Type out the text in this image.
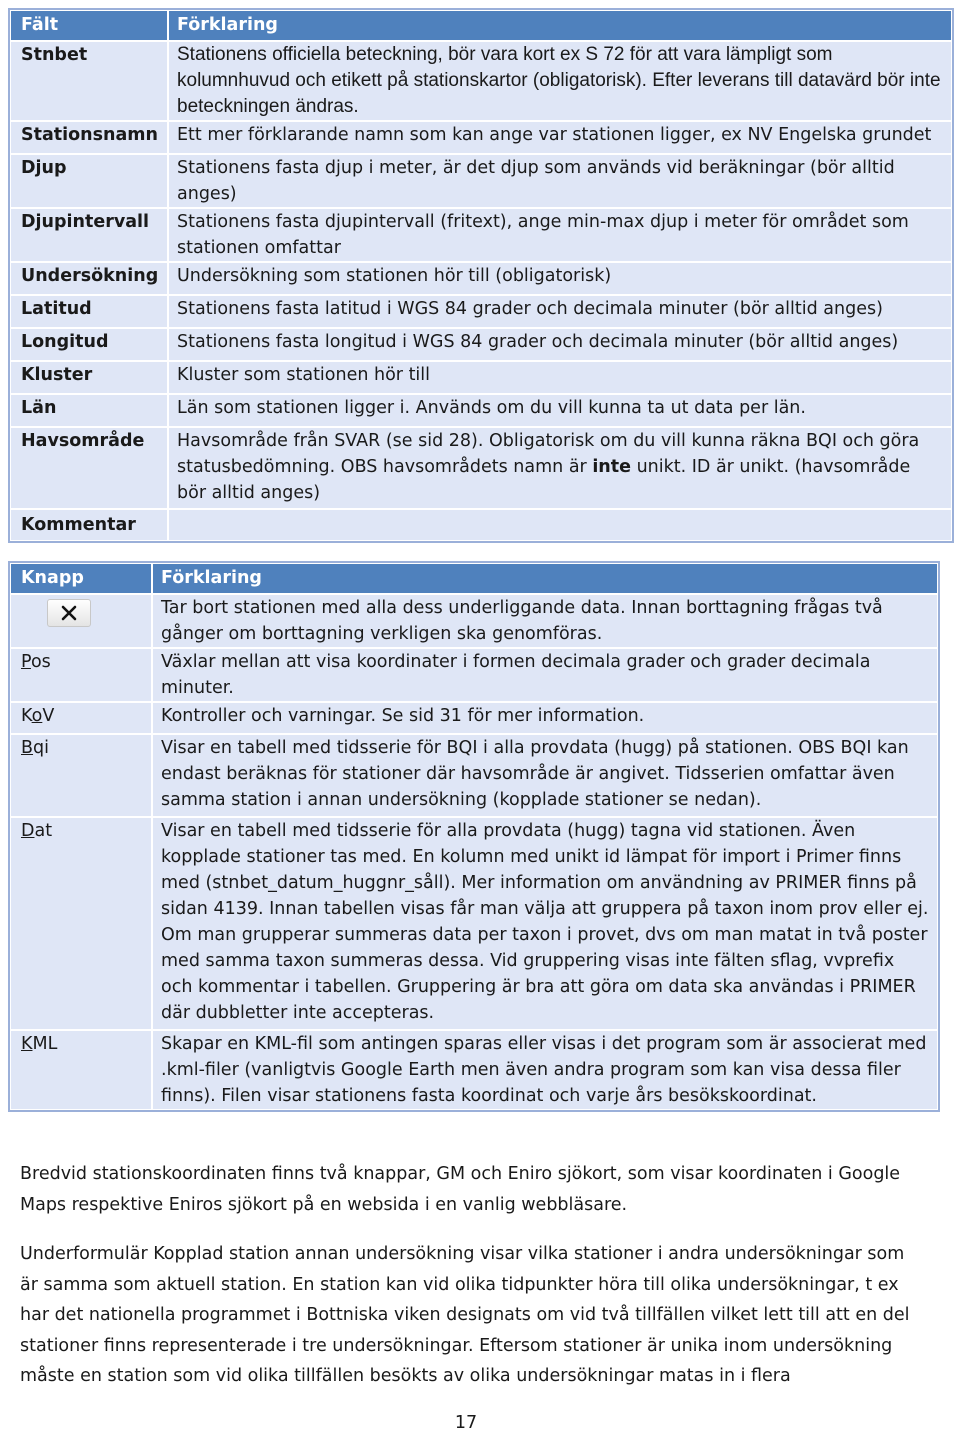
Fält	Förklaring
Stnbet	Stationens officiella beteckning, bör vara kort ex S 72 för att vara lämpligt som kolumnhuvud och etikett på stationskartor (obligatorisk). Efter leverans till datavärd bör inte beteckningen ändras.
Stationsnamn	Ett mer förklarande namn som kan ange var stationen ligger, ex NV Engelska grundet
Djup	Stationens fasta djup i meter, är det djup som används vid beräkningar (bör alltid anges)
Djupintervall	Stationens fasta djupintervall (fritext), ange min-max djup i meter för området som stationen omfattar
Undersökning	Undersökning som stationen hör till (obligatorisk)
Latitud	Stationens fasta latitud i WGS 84 grader och decimala minuter (bör alltid anges)
Longitud	Stationens fasta longitud i WGS 84 grader och decimala minuter (bör alltid anges)
Kluster	Kluster som stationen hör till
Län	Län som stationen ligger i. Används om du vill kunna ta ut data per län.
Havsområde	Havsområde från SVAR (se sid 28). Obligatorisk om du vill kunna räkna BQI och göra statusbedömning. OBS havsområdets namn är inte unikt. ID är unikt. (havsområde bör alltid anges)
Kommentar	
Knapp	Förklaring

	Tar bort stationen med alla dess underliggande data. Innan borttagning frågas två gånger om borttagning verkligen ska genomföras.
Pos	Växlar mellan att visa koordinater i formen decimala grader och grader decimala minuter.
KoV	Kontroller och varningar. Se sid 31 för mer information.
Bqi	Visar en tabell med tidsserie för BQI i alla provdata (hugg) på stationen. OBS BQI kan endast beräknas för stationer där havsområde är angivet. Tidsserien omfattar även samma station i annan undersökning (kopplade stationer se nedan).
Dat	Visar en tabell med tidsserie för alla provdata (hugg) tagna vid stationen. Även kopplade stationer tas med. En kolumn med unikt id lämpat för import i Primer finns med (stnbet_datum_huggnr_såll). Mer information om användning av PRIMER finns på sidan 4139. Innan tabellen visas får man välja att gruppera på taxon inom prov eller ej. Om man grupperar summeras data per taxon i provet, dvs om man matat in två poster med samma taxon summeras dessa. Vid gruppering visas inte fälten sflag, vvprefix och kommentar i tabellen. Gruppering är bra att göra om data ska användas i PRIMER där dubbletter inte accepteras.
KML	Skapar en KML-fil som antingen sparas eller visas i det program som är associerat med .kml-filer (vanligtvis Google Earth men även andra program som kan visa dessa filer finns). Filen visar stationens fasta koordinat och varje års besökskoordinat.

Bredvid stationskoordinaten finns två knappar, GM och Eniro sjökort, som visar koordinaten i Google Maps respektive Eniros sjökort på en websida i en vanlig webbläsare.

Underformulär Kopplad station annan undersökning visar vilka stationer i andra undersökningar som är samma som aktuell station. En station kan vid olika tidpunkter höra till olika undersökningar, t ex har det nationella programmet i Bottniska viken designats om vid två tillfällen vilket lett till att en del stationer finns representerade i tre undersökningar. Eftersom stationer är unika inom undersökning måste en station som vid olika tillfällen besökts av olika undersökningar matas in i flera

17
